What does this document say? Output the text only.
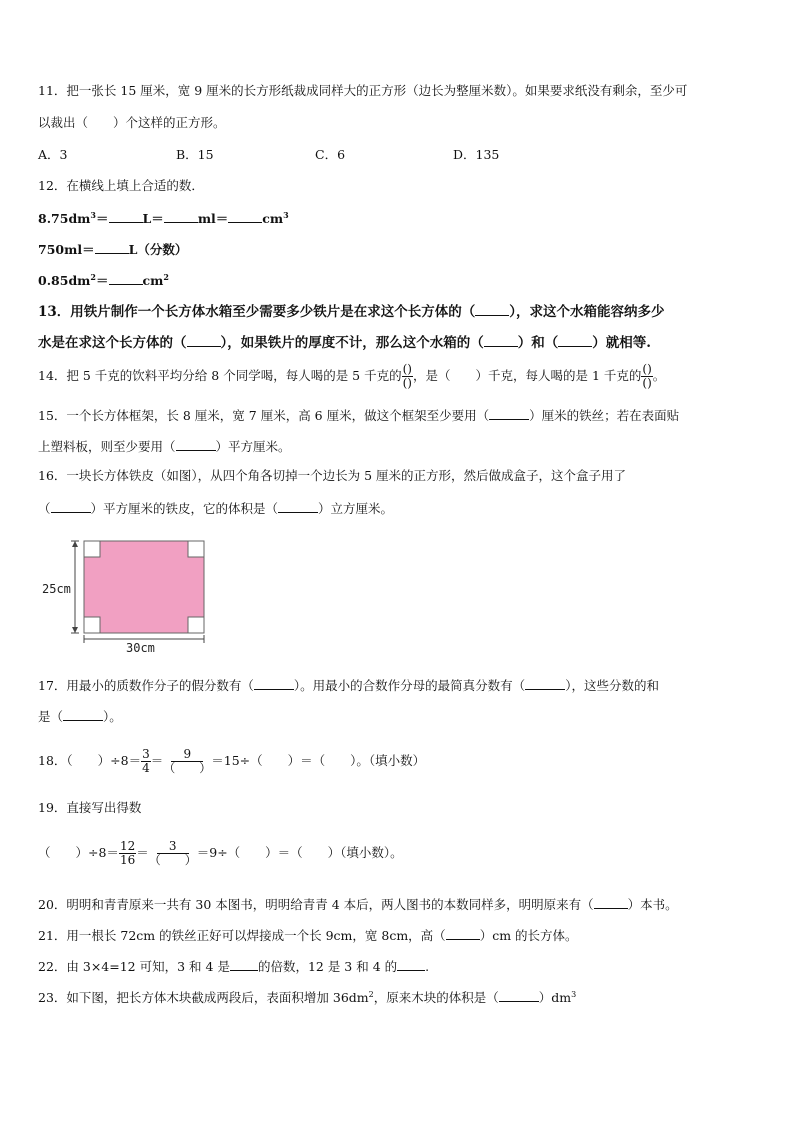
11．把一张长 15 厘米，宽 9 厘米的长方形纸裁成同样大的正方形（边长为整厘米数）。如果要求纸没有剩余，至少可
以裁出（　　）个这样的正方形。
A．3	B．15	C．6	D．135
12．在横线上填上合适的数．
$8.75dm^3=$	L＝	ml＝	$cm^3$
750ml＝	L（分数）
$0.85dm^2=$	$cm^2$
13．用铁片制作一个长方体水箱至少需要多少铁片是在求这个长方体的（	），求这个水箱能容纳多少
水是在求这个长方体的（	），如果铁片的厚度不计，那么这个水箱的（	）和（	）就相等.
14．把 5 千克的饮料平均分给 8 个同学喝，每人喝的是 5 千克的 ()
() ，是（　　）千克，每人喝的是 1 千克的 ()
() 。
15．一个长方体框架，长 8 厘米，宽 7 厘米，高 6 厘米，做这个框架至少要用（	）厘米的铁丝；若在表面贴
上塑料板，则至少要用（	）平方厘米。
16．一块长方体铁皮（如图），从四个角各切掉一个边长为 5 厘米的正方形，然后做成盒子，这个盒子用了
（	）平方厘米的铁皮，它的体积是（	）立方厘米。
25cm
30cm
17．用最小的质数作分子的假分数有（	）。用最小的合数作分母的最简真分数有（	），这些分数的和
是（	）。
18．（　　）$\div 8= \frac{3}{4}$ ＝	9
（　　） ＝15÷（　　）＝（　　）。（填小数）
19．直接写出得数
（　　）$\div 8= \frac{12}{16}$ ＝	3
（　　） ＝9÷（　　）＝（　　）（填小数）。
20．明明和青青原来一共有 30 本图书，明明给青青 4 本后，两人图书的本数同样多，明明原来有（	）本书。
21．用一根长 72cm 的铁丝正好可以焊接成一个长 9cm，宽 8cm，高（	）cm 的长方体。
22．由 3×4=12 可知，3 和 4 是 的倍数，12 是 3 和 4 的 .
23．如下图，把长方体木块截成两段后，表面积增加 $36dm^2$，原来木块的体积是（	）$dm^3$
